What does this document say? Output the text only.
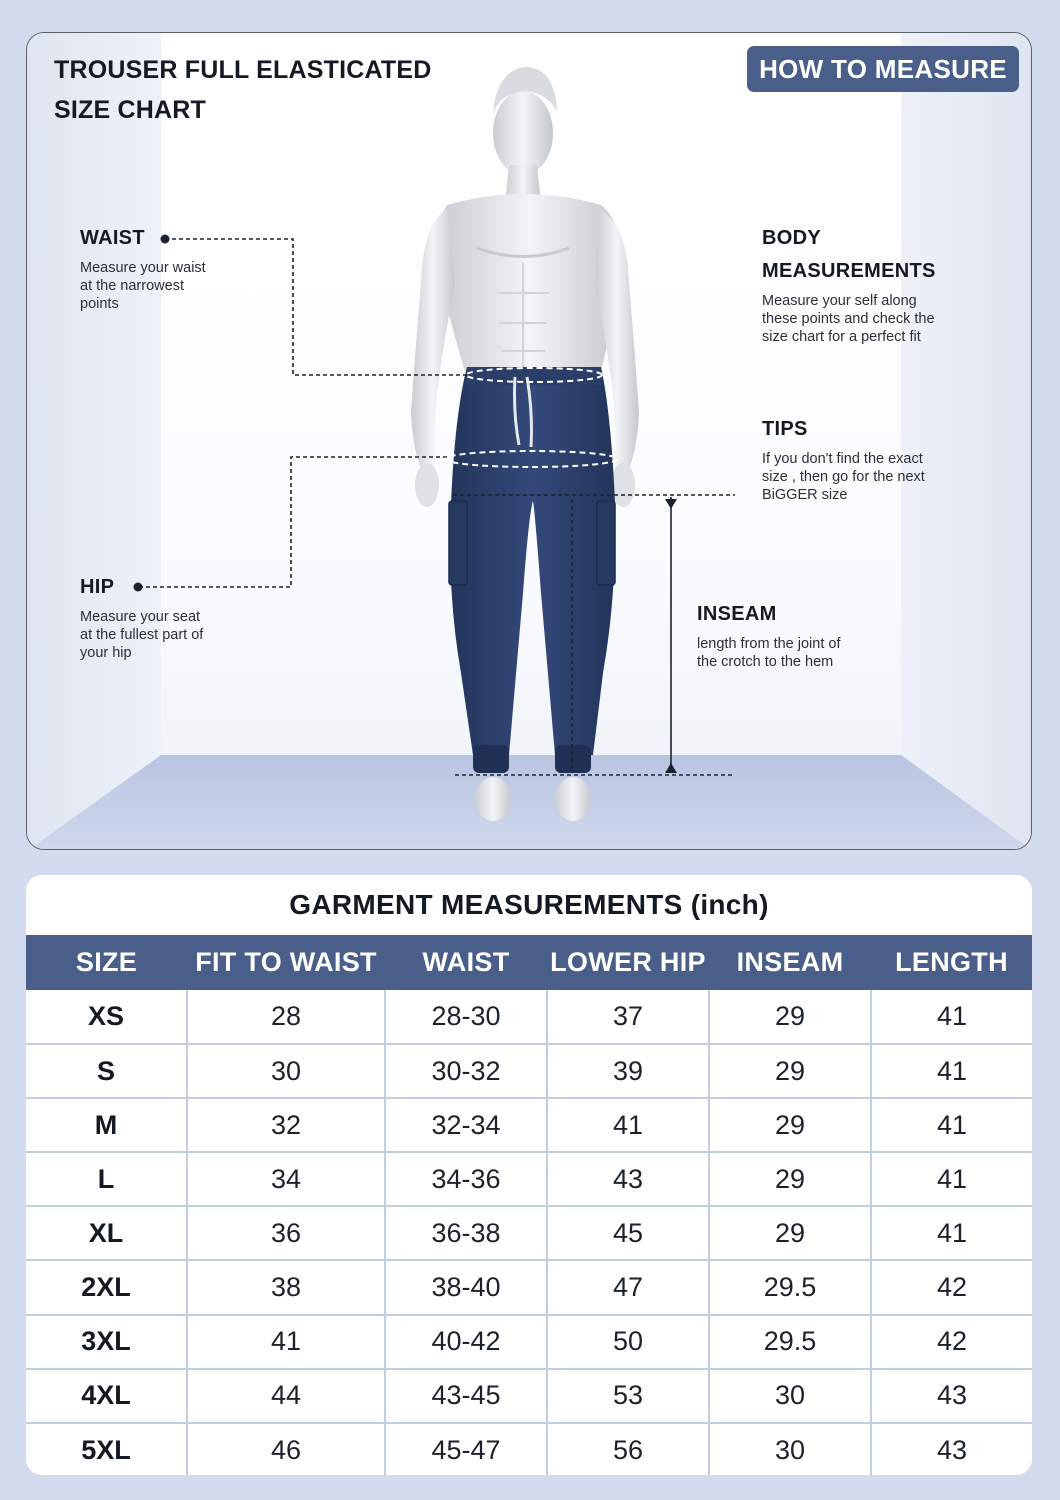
TROUSER FULL ELASTICATED
SIZE CHART
HOW TO MEASURE
WAIST
Measure your waist
at the narrowest
points
HIP
Measure your seat
at the fullest part of
your hip
BODY
MEASUREMENTS
Measure your self along
these points and check the
size chart for a perfect fit
TIPS
If you don't find the exact
size , then go for the next
BiGGER size
INSEAM
length from the joint of
the crotch to the hem
GARMENT MEASUREMENTS (inch)
SIZE	FIT TO WAIST	WAIST	LOWER HIP	INSEAM	LENGTH
XS	28	28-30	37	29	41
S	30	30-32	39	29	41
M	32	32-34	41	29	41
L	34	34-36	43	29	41
XL	36	36-38	45	29	41
2XL	38	38-40	47	29.5	42
3XL	41	40-42	50	29.5	42
4XL	44	43-45	53	30	43
5XL	46	45-47	56	30	43
